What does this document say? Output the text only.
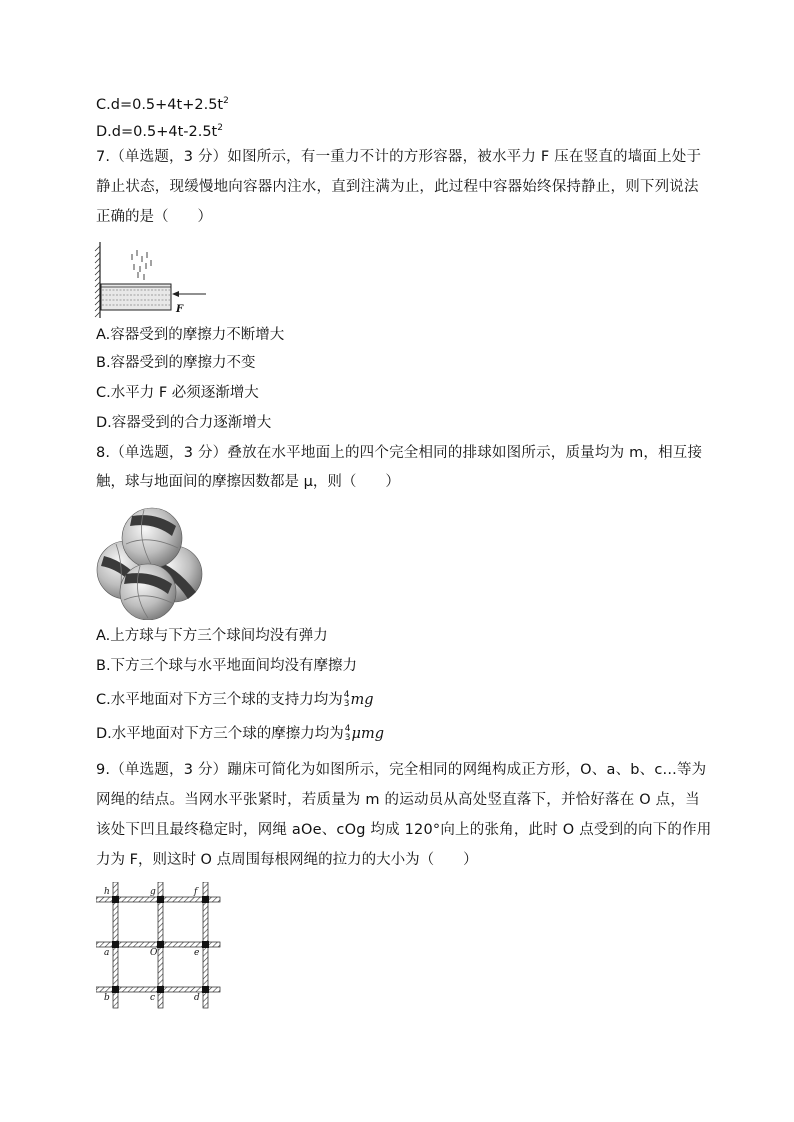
$C.d=0.5+4t+2.5t^2$
$D.d=0.5+4t-2.5t^2$
7.（单选题，3 分）如图所示，有一重力不计的方形容器，被水平力 F 压在竖直的墙面上处于
静止状态，现缓慢地向容器内注水，直到注满为止，此过程中容器始终保持静止，则下列说法
正确的是（　　）
F
A.容器受到的摩擦力不断增大
B.容器受到的摩擦力不变
C.水平力 F 必须逐渐增大
D.容器受到的合力逐渐增大
8.（单选题，3 分）叠放在水平地面上的四个完全相同的排球如图所示，质量均为 m，相互接
触，球与地面间的摩擦因数都是 μ，则（　　）
A.上方球与下方三个球间均没有弹力
B.下方三个球与水平地面间均没有摩擦力
C.水平地面对下方三个球的支持力均为 4
3 mg
D.水平地面对下方三个球的摩擦力均为 4
3 μmg
9.（单选题，3 分）蹦床可简化为如图所示，完全相同的网绳构成正方形，O、a、b、c...等为
网绳的结点。当网水平张紧时，若质量为 m 的运动员从高处竖直落下，并恰好落在 O 点，当
该处下凹且最终稳定时，网绳 aOe、cOg 均成 120°向上的张角，此时 O 点受到的向下的作用
力为 F，则这时 O 点周围每根网绳的拉力的大小为（　　）
h	g	f
a	O	e
b	c	d
